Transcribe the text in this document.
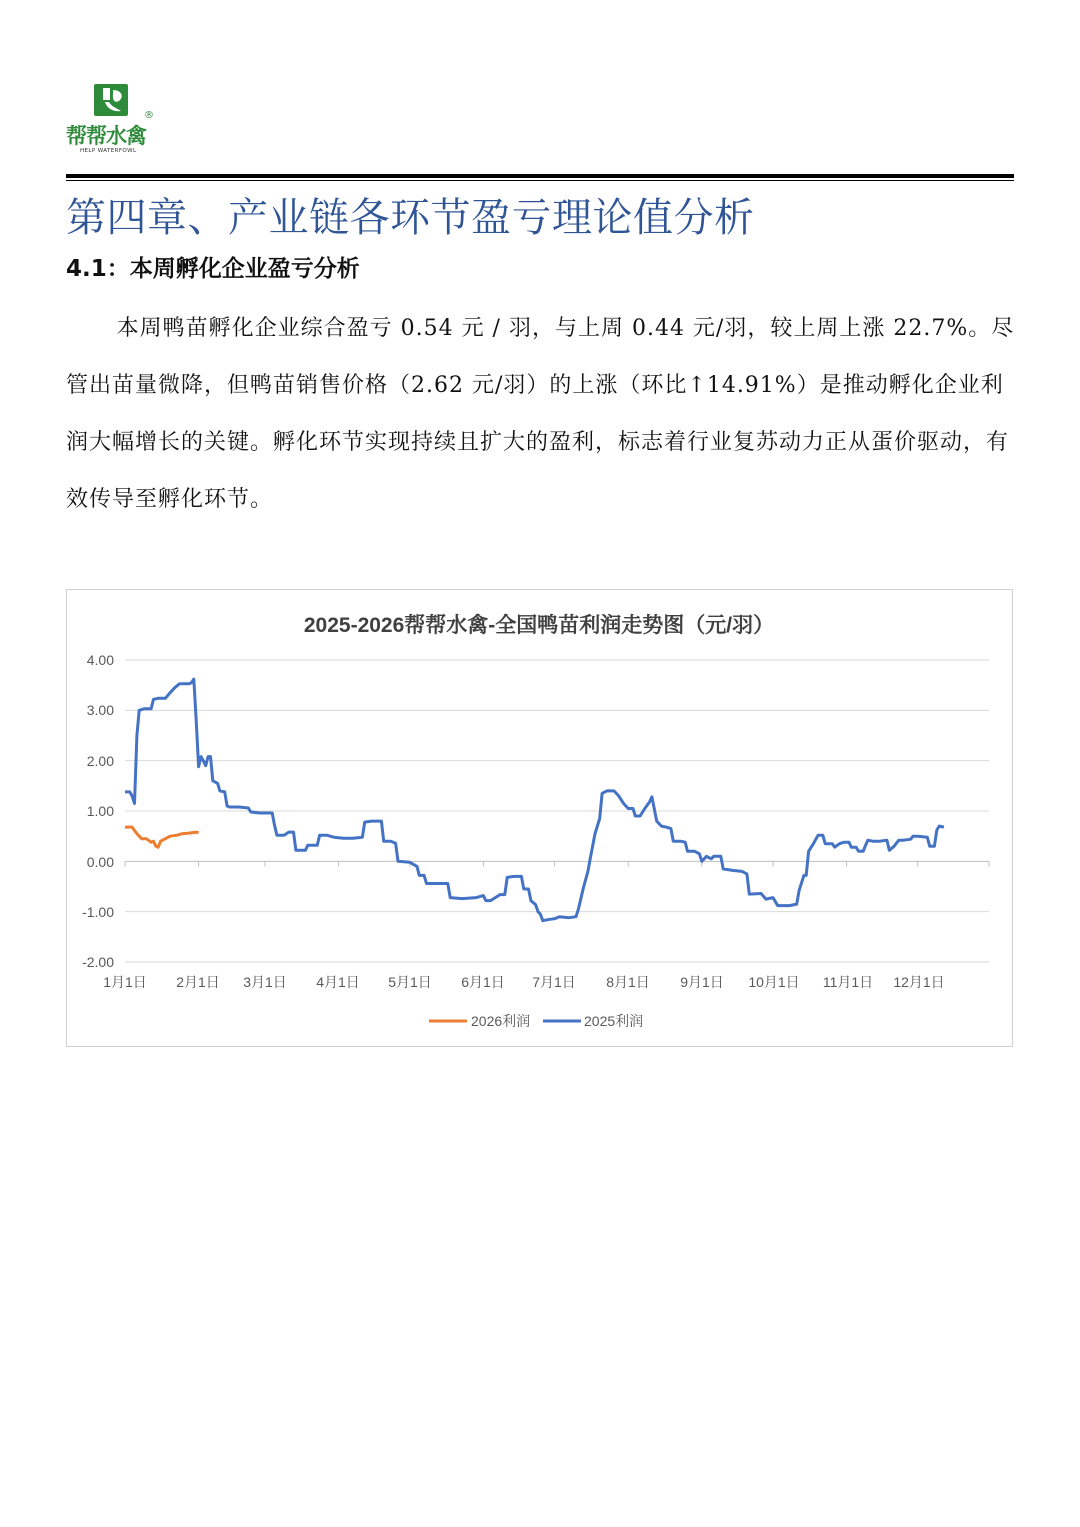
帮帮水禽
®
HELP WATERFOWL
第四章、产业链各环节盈亏理论值分析
4.1：本周孵化企业盈亏分析

本周鸭苗孵化企业综合盈亏 0.54 元 / 羽，与上周 0.44 元/羽，较上周上涨 22.7%。尽管出苗量微降，但鸭苗销售价格（2.62 元/羽）的上涨（环比↑14.91%）是推动孵化企业利润大幅增长的关键。孵化环节实现持续且扩大的盈利，标志着行业复苏动力正从蛋价驱动，有效传导至孵化环节。

2025-2026帮帮水禽-全国鸭苗利润走势图（元/羽）
4.00
3.00
2.00
1.00
0.00
-1.00
-2.00
1月1日 2月1日 3月1日 4月1日 5月1日 6月1日 7月1日 8月1日 9月1日 10月1日 11月1日 12月1日
2026利润	2025利润
